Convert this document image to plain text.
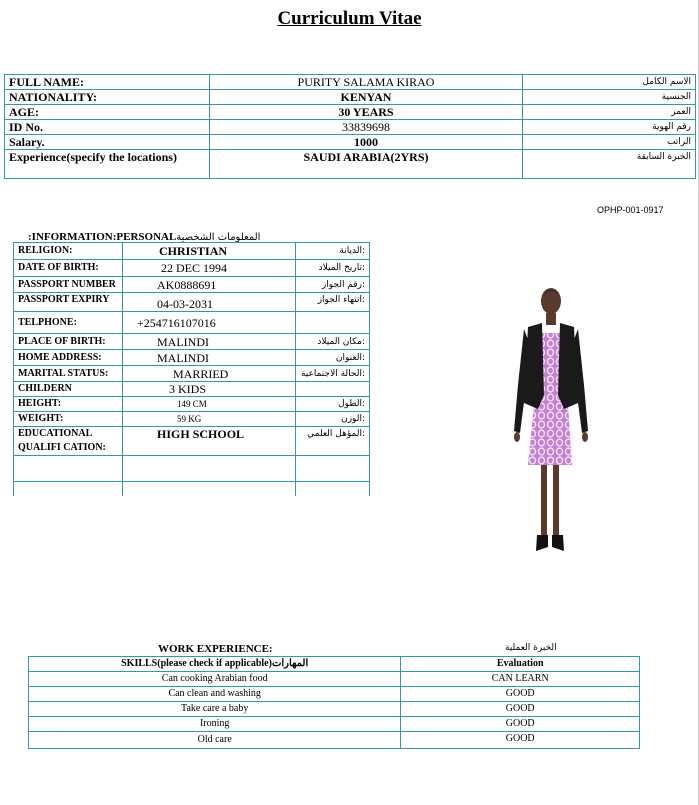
Curriculum Vitae
FULL NAME:	PURITY SALAMA KIRAO	الاسم الكامل
NATIONALITY:	KENYAN	الجنسية
AGE:	30 YEARS	العمر
ID No.	33839698	رقم الهوية
Salary.	1000	الراتب
Experience(specify the locations)	SAUDI ARABIA(2YRS)	الخبرة السابقة
OPHP-001-0917
:INFORMATION:PERSONALالمعلومات الشخصية
RELIGION:	CHRISTIAN	الديانة:
DATE OF BIRTH:	22 DEC 1994	تاريخ الميلاد:
PASSPORT NUMBER	AK0888691	رقم الجواز:
PASSPORT EXPIRY	04-03-2031	انتهاء الجواز:
TELPHONE:	+254716107016	
PLACE OF BIRTH:	MALINDI	مكان الميلاد:
HOME ADDRESS:	MALINDI	العنوان:
MARITAL STATUS:	MARRIED	الحالة الاجتماعية:
CHILDERN	3 KIDS	
HEIGHT:	149 CM	الطول:
WEIGHT:	59 KG	الوزن:
EDUCATIONAL QUALIFI CATION:	HIGH SCHOOL	المؤهل العلمي:

WORK EXPERIENCE:	الخبرة العملية
SKILLS(please check if applicable)المهارات	Evaluation
Can cooking Arabian food	CAN LEARN
Can clean and washing	GOOD
Take care a baby	GOOD
Ironing	GOOD
Old care	GOOD
